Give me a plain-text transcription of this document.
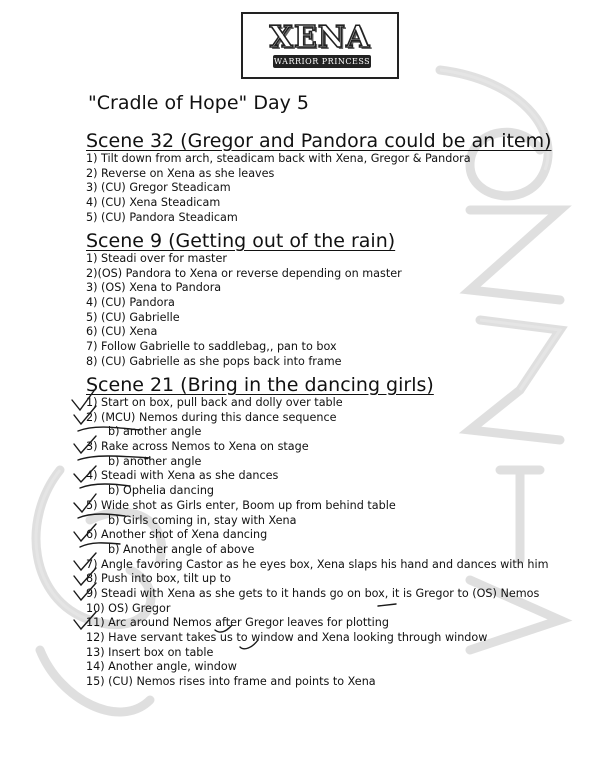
XENA
WARRIOR PRINCESS
"Cradle of Hope" Day 5
Scene 32 (Gregor and Pandora could be an item)
1) Tilt down from arch, steadicam back with Xena, Gregor & Pandora
2) Reverse on Xena as she leaves
3) (CU) Gregor Steadicam
4) (CU) Xena Steadicam
5) (CU) Pandora Steadicam
Scene 9 (Getting out of the rain)
1) Steadi over for master
2)(OS) Pandora to Xena or reverse depending on master
3) (OS) Xena to Pandora
4) (CU) Pandora
5) (CU) Gabrielle
6) (CU) Xena
7) Follow Gabrielle to saddlebag,, pan to box
8) (CU) Gabrielle as she pops back into frame
Scene 21 (Bring in the dancing girls)
1) Start on box, pull back and dolly over table
2) (MCU) Nemos during this dance sequence
b) another angle
3) Rake across Nemos to Xena on stage
b) another angle
4) Steadi with Xena as she dances
b) Ophelia dancing
5) Wide shot as Girls enter, Boom up from behind table
b) Girls coming in, stay with Xena
6) Another shot of Xena dancing
b) Another angle of above
7) Angle favoring Castor as he eyes box, Xena slaps his hand and dances with him
8) Push into box, tilt up to
9) Steadi with Xena as she gets to it hands go on box, it is Gregor to (OS) Nemos
10) OS) Gregor
11) Arc around Nemos after Gregor leaves for plotting
12) Have servant takes us to window and Xena looking through window
13) Insert box on table
14) Another angle, window
15) (CU) Nemos rises into frame and points to Xena
